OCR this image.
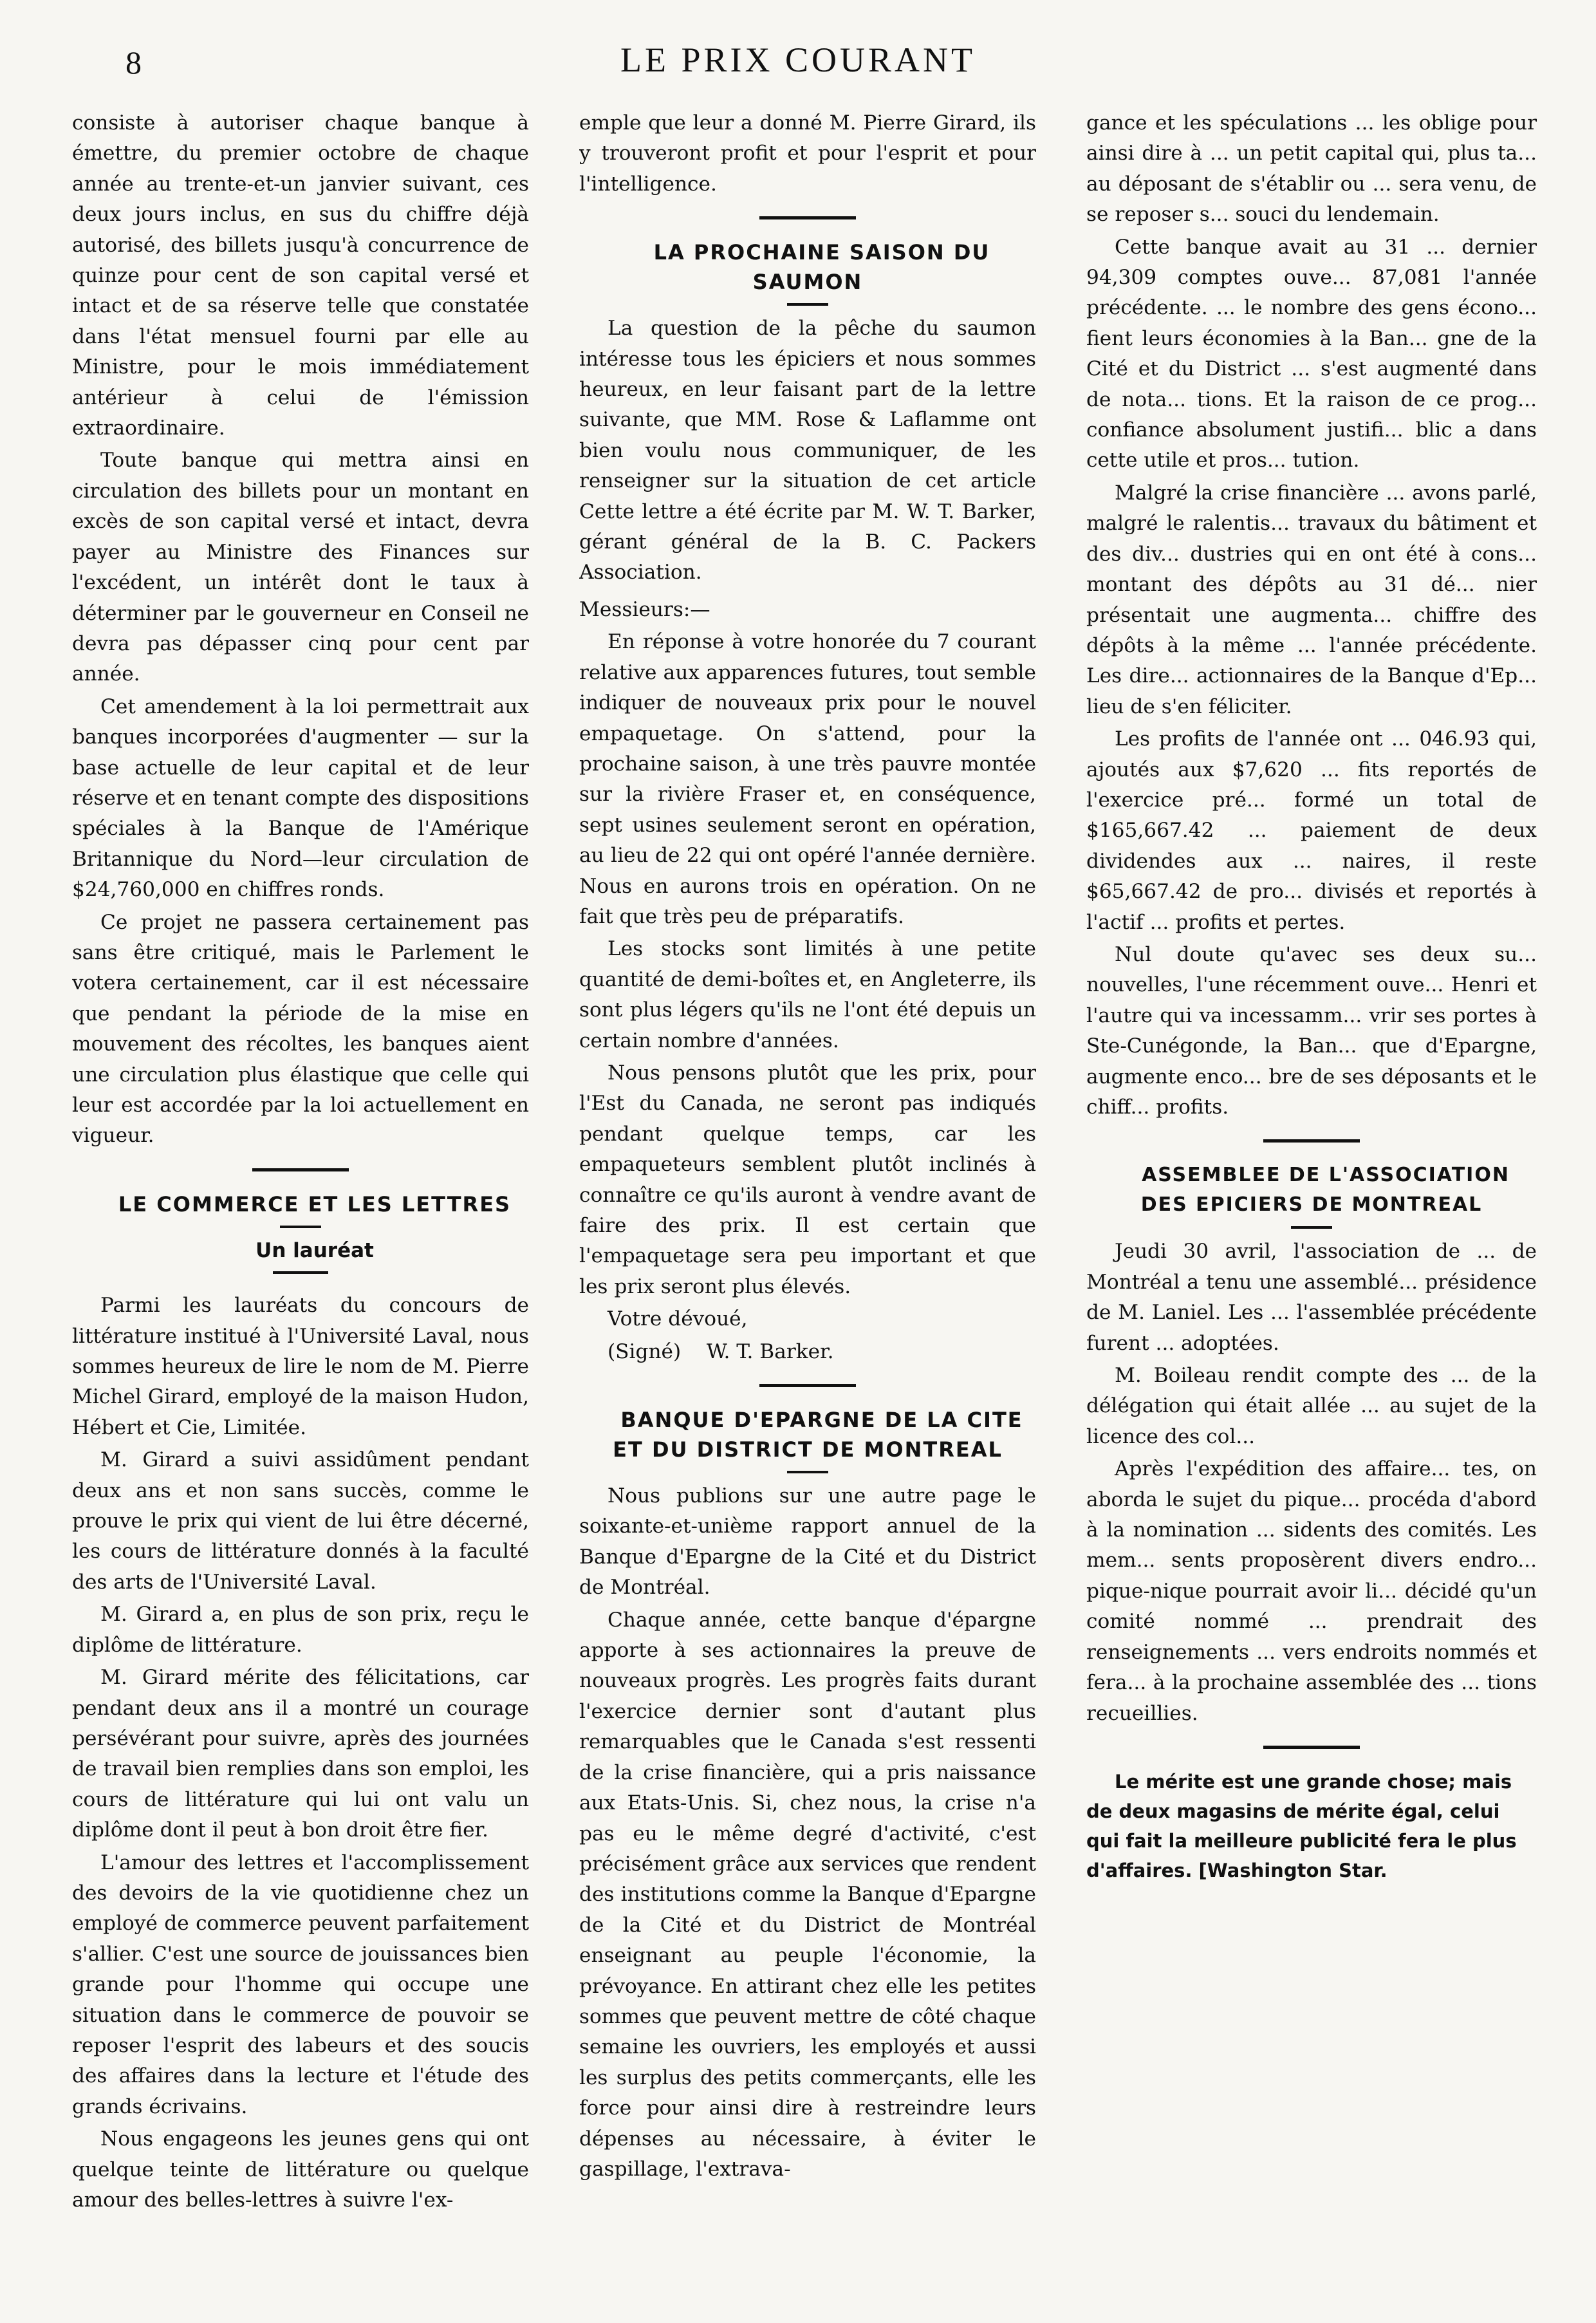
8	LE PRIX COURANT

consiste à autoriser chaque banque à émettre, du premier octobre de chaque année au trente-et-un janvier suivant, ces deux jours inclus, en sus du chiffre déjà autorisé, des billets jusqu'à concurrence de quinze pour cent de son capital versé et intact et de sa réserve telle que constatée dans l'état mensuel fourni par elle au Ministre, pour le mois immédiatement antérieur à celui de l'émission extraordinaire.

Toute banque qui mettra ainsi en circulation des billets pour un montant en excès de son capital versé et intact, devra payer au Ministre des Finances sur l'excédent, un intérêt dont le taux à déterminer par le gouverneur en Conseil ne devra pas dépasser cinq pour cent par année.

Cet amendement à la loi permettrait aux banques incorporées d'augmenter — sur la base actuelle de leur capital et de leur réserve et en tenant compte des dispositions spéciales à la Banque de l'Amérique Britannique du Nord—leur circulation de $24,760,000 en chiffres ronds.

Ce projet ne passera certainement pas sans être critiqué, mais le Parlement le votera certainement, car il est nécessaire que pendant la période de la mise en mouvement des récoltes, les banques aient une circulation plus élastique que celle qui leur est accordée par la loi actuellement en vigueur.

LE COMMERCE ET LES LETTRES

Un lauréat

Parmi les lauréats du concours de littérature institué à l'Université Laval, nous sommes heureux de lire le nom de M. Pierre Michel Girard, employé de la maison Hudon, Hébert et Cie, Limitée.

M. Girard a suivi assidûment pendant deux ans et non sans succès, comme le prouve le prix qui vient de lui être décerné, les cours de littérature donnés à la faculté des arts de l'Université Laval.

M. Girard a, en plus de son prix, reçu le diplôme de littérature.

M. Girard mérite des félicitations, car pendant deux ans il a montré un courage persévérant pour suivre, après des journées de travail bien remplies dans son emploi, les cours de littérature qui lui ont valu un diplôme dont il peut à bon droit être fier.

L'amour des lettres et l'accomplissement des devoirs de la vie quotidienne chez un employé de commerce peuvent parfaitement s'allier. C'est une source de jouissances bien grande pour l'homme qui occupe une situation dans le commerce de pouvoir se reposer l'esprit des labeurs et des soucis des affaires dans la lecture et l'étude des grands écrivains.

Nous engageons les jeunes gens qui ont quelque teinte de littérature ou quelque amour des belles-lettres à suivre l'ex-

emple que leur a donné M. Pierre Girard, ils y trouveront profit et pour l'esprit et pour l'intelligence.

LA PROCHAINE SAISON DU SAUMON

La question de la pêche du saumon intéresse tous les épiciers et nous sommes heureux, en leur faisant part de la lettre suivante, que MM. Rose & Laflamme ont bien voulu nous communiquer, de les renseigner sur la situation de cet article Cette lettre a été écrite par M. W. T. Barker, gérant général de la B. C. Packers Association.

Messieurs:—

En réponse à votre honorée du 7 courant relative aux apparences futures, tout semble indiquer de nouveaux prix pour le nouvel empaquetage. On s'attend, pour la prochaine saison, à une très pauvre montée sur la rivière Fraser et, en conséquence, sept usines seulement seront en opération, au lieu de 22 qui ont opéré l'année dernière. Nous en aurons trois en opération. On ne fait que très peu de préparatifs.

Les stocks sont limités à une petite quantité de demi-boîtes et, en Angleterre, ils sont plus légers qu'ils ne l'ont été depuis un certain nombre d'années.

Nous pensons plutôt que les prix, pour l'Est du Canada, ne seront pas indiqués pendant quelque temps, car les empaqueteurs semblent plutôt inclinés à connaître ce qu'ils auront à vendre avant de faire des prix. Il est certain que l'empaquetage sera peu important et que les prix seront plus élevés.

Votre dévoué,

(Signé)    W. T. Barker.

BANQUE D'EPARGNE DE LA CITE ET DU DISTRICT DE MONTREAL

Nous publions sur une autre page le soixante-et-unième rapport annuel de la Banque d'Epargne de la Cité et du District de Montréal.

Chaque année, cette banque d'épargne apporte à ses actionnaires la preuve de nouveaux progrès. Les progrès faits durant l'exercice dernier sont d'autant plus remarquables que le Canada s'est ressenti de la crise financière, qui a pris naissance aux Etats-Unis. Si, chez nous, la crise n'a pas eu le même degré d'activité, c'est précisément grâce aux services que rendent des institutions comme la Banque d'Epargne de la Cité et du District de Montréal enseignant au peuple l'économie, la prévoyance. En attirant chez elle les petites sommes que peuvent mettre de côté chaque semaine les ouvriers, les employés et aussi les surplus des petits commerçants, elle les force pour ainsi dire à restreindre leurs dépenses au nécessaire, à éviter le gaspillage, l'extrava-

gance et les spéculations ... les oblige pour ainsi dire à ... un petit capital qui, plus ta... au déposant de s'établir ou ... sera venu, de se reposer s... souci du lendemain.

Cette banque avait au 31 ... dernier 94,309 comptes ouve... 87,081 l'année précédente. ... le nombre des gens écono... fient leurs économies à la Ban... gne de la Cité et du District ... s'est augmenté dans de nota... tions. Et la raison de ce prog... confiance absolument justifi... blic a dans cette utile et pros... tution.

Malgré la crise financière ... avons parlé, malgré le ralentis... travaux du bâtiment et des div... dustries qui en ont été à cons... montant des dépôts au 31 dé... nier présentait une augmenta... chiffre des dépôts à la même ... l'année précédente. Les dire... actionnaires de la Banque d'Ep... lieu de s'en féliciter.

Les profits de l'année ont ... 046.93 qui, ajoutés aux $7,620 ... fits reportés de l'exercice pré... formé un total de $165,667.42 ... paiement de deux dividendes aux ... naires, il reste $65,667.42 de pro... divisés et reportés à l'actif ... profits et pertes.

Nul doute qu'avec ses deux su... nouvelles, l'une récemment ouve... Henri et l'autre qui va incessamm... vrir ses portes à Ste-Cunégonde, la Ban... que d'Epargne, augmente enco... bre de ses déposants et le chiff... profits.

ASSEMBLEE DE L'ASSOCIATION DES EPICIERS DE MONTREAL

Jeudi 30 avril, l'association de ... de Montréal a tenu une assemblé... présidence de M. Laniel. Les ... l'assemblée précédente furent ... adoptées.

M. Boileau rendit compte des ... de la délégation qui était allée ... au sujet de la licence des col...

Après l'expédition des affaire... tes, on aborda le sujet du pique... procéda d'abord à la nomination ... sidents des comités. Les mem... sents proposèrent divers endro... pique-nique pourrait avoir li... décidé qu'un comité nommé ... prendrait des renseignements ... vers endroits nommés et fera... à la prochaine assemblée des ... tions recueillies.

Le mérite est une grande chose; mais de deux magasins de mérite égal, celui qui fait la meilleure publicité fera le plus d'affaires. [Washington Star.
